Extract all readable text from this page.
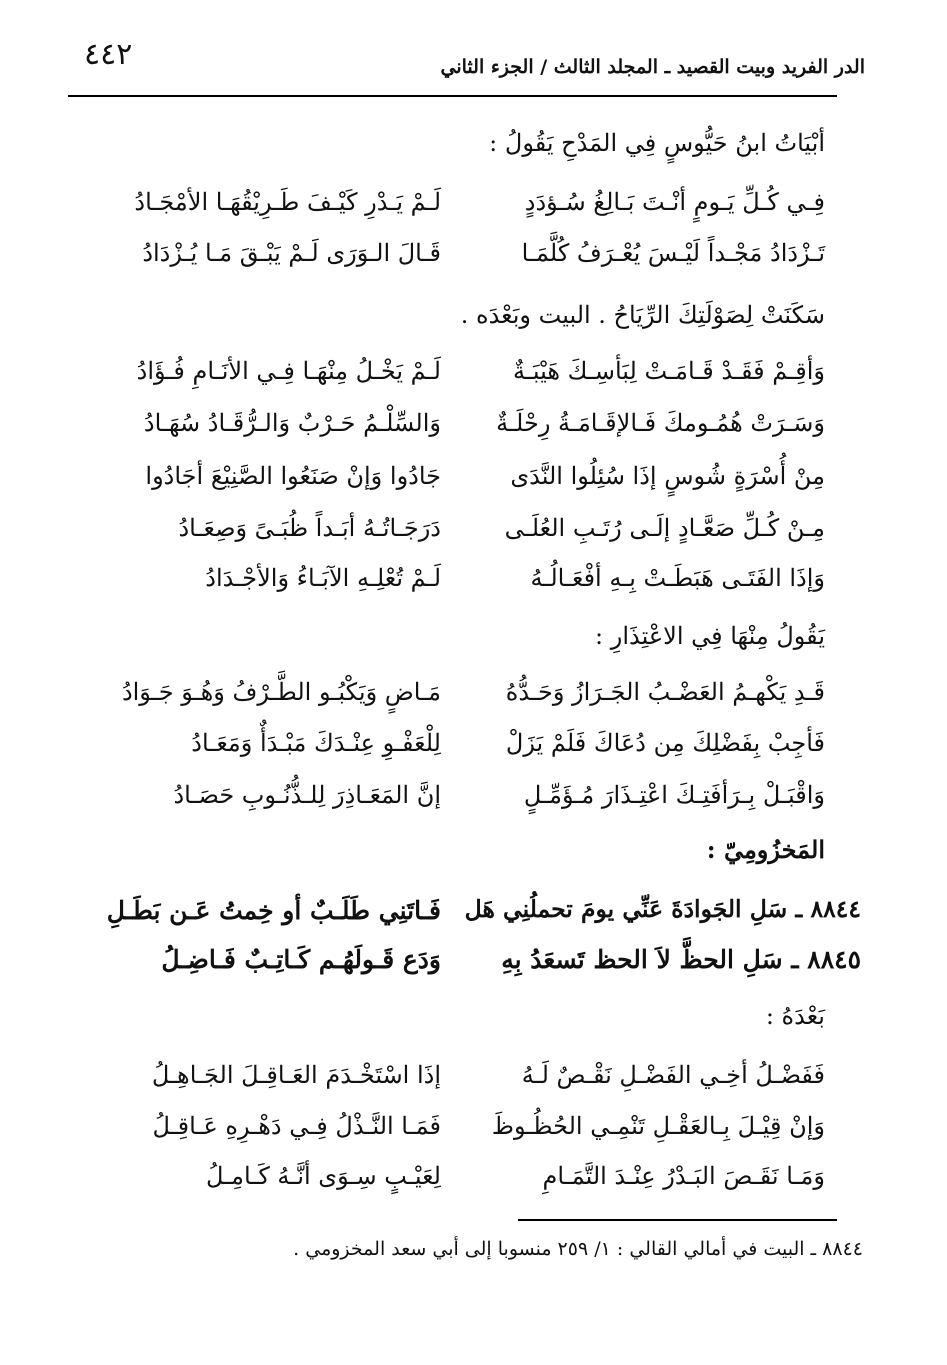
٤٤٢	الدر الفريد وبيت القصيد ـ المجلد الثالث / الجزء الثاني
أبْيَاتُ ابنُ حَيُّوسٍ فِي المَدْحِ يَقُولُ :
فِـي كُـلِّ يَـومٍ أنْـتَ بَـالِغُ سُـؤدَدٍ
لَـمْ يَـدْرِ كَيْـفَ طَـرِيْقُهَـا الأمْجَـادُ
تَـزْدَادُ مَجْـداً لَيْـسَ يُعْـرَفُ كُلَّمَـا
قَـالَ الـوَرَى لَـمْ يَبْـقَ مَـا يُـزْدَادُ
سَكَنَتْ لِصَوْلَتِكَ الرِّيَاحُ . البيت وبَعْدَه .
وَأقِـمْ فَقَـدْ قَـامَـتْ لِبَأسِـكَ هَيْبَـةٌ
لَـمْ يَخْـلُ مِنْهَـا فِـي الأنَـامِ فُـؤَادُ
وَسَـرَتْ هُمُـومكَ فَـالإقَـامَـةُ رِحْلَـةٌ
وَالسِّلْـمُ حَـرْبٌ وَالـرُّقَـادُ سُهَـادُ
مِنْ أُسْرَةٍ شُوسٍ إذَا سُئِلُوا النَّدَى
جَادُوا وَإنْ صَنَعُوا الصَّنِيْعَ أجَادُوا
مِـنْ كُـلِّ صَعَّـادٍ إلَـى رُتَـبِ العُلَـى
دَرَجَـاتُـهُ أبَـداً ظُبَـىً وَصِعَـادُ
وَإذَا الفَتَـى هَبَطَـتْ بِـهِ أفْعَـالُـهُ
لَـمْ تُعْلِـهِ الآبَـاءُ وَالأجْـدَادُ
يَقُولُ مِنْهَا فِي الاعْتِذَارِ :
قَـدِ يَكْهـمُ العَضْـبُ الجَـرَازُ وَحَـدُّهُ
مَـاضٍ وَيَكْبُـو الطَّـرْفُ وَهُـوَ جَـوَادُ
فَأجِبْ بِفَضْلِكَ مِن دُعَاكَ فَلَمْ يَزَلْ
لِلْعَفْـوِ عِنْـدَكَ مَبْـدَأٌ وَمَعَـادُ
وَاقْبَـلْ بِـرَأفَتِـكَ اعْتِـذَارَ مُـؤَمِّـلٍ
إنَّ المَعَـاذِرَ لِلـذُّنُـوبِ حَصَـادُ
المَخزُومِيّ :
٨٨٤٤ ـ سَلِ الجَوادَةَ عَنِّي يومَ تحملُنِي هَل
فَـاتَنِي طَلَـبٌ أو خِمتُ عَـن بَطَـلِ
٨٨٤٥ ـ سَلِ الحظَّ لاَ الحظ تَسعَدُ بِهِ
وَدَع قَـولَهُـم كَـاتِـبٌ فَـاضِـلُ
بَعْدَهُ :
فَفَضْـلُ أخِـي الفَضْـلِ نَقْـصٌ لَـهُ
إذَا اسْتَخْـدَمَ العَـاقِـلَ الجَـاهِـلُ
وَإنْ قِيْـلَ بِـالعَقْـلِ تَنْمِـي الحُظُـوظَ
فَمَـا النَّـذْلُ فِـي دَهْـرِهِ عَـاقِـلُ
وَمَـا نَقَـصَ البَـدْرُ عِنْـدَ التَّمَـامِ
لِعَيْـبٍ سِـوَى أنَّـهُ كَـامِـلُ
٨٨٤٤ ـ البيت في أمالي القالي : ١/ ٢٥٩ منسوبا إلى أبي سعد المخزومي .
